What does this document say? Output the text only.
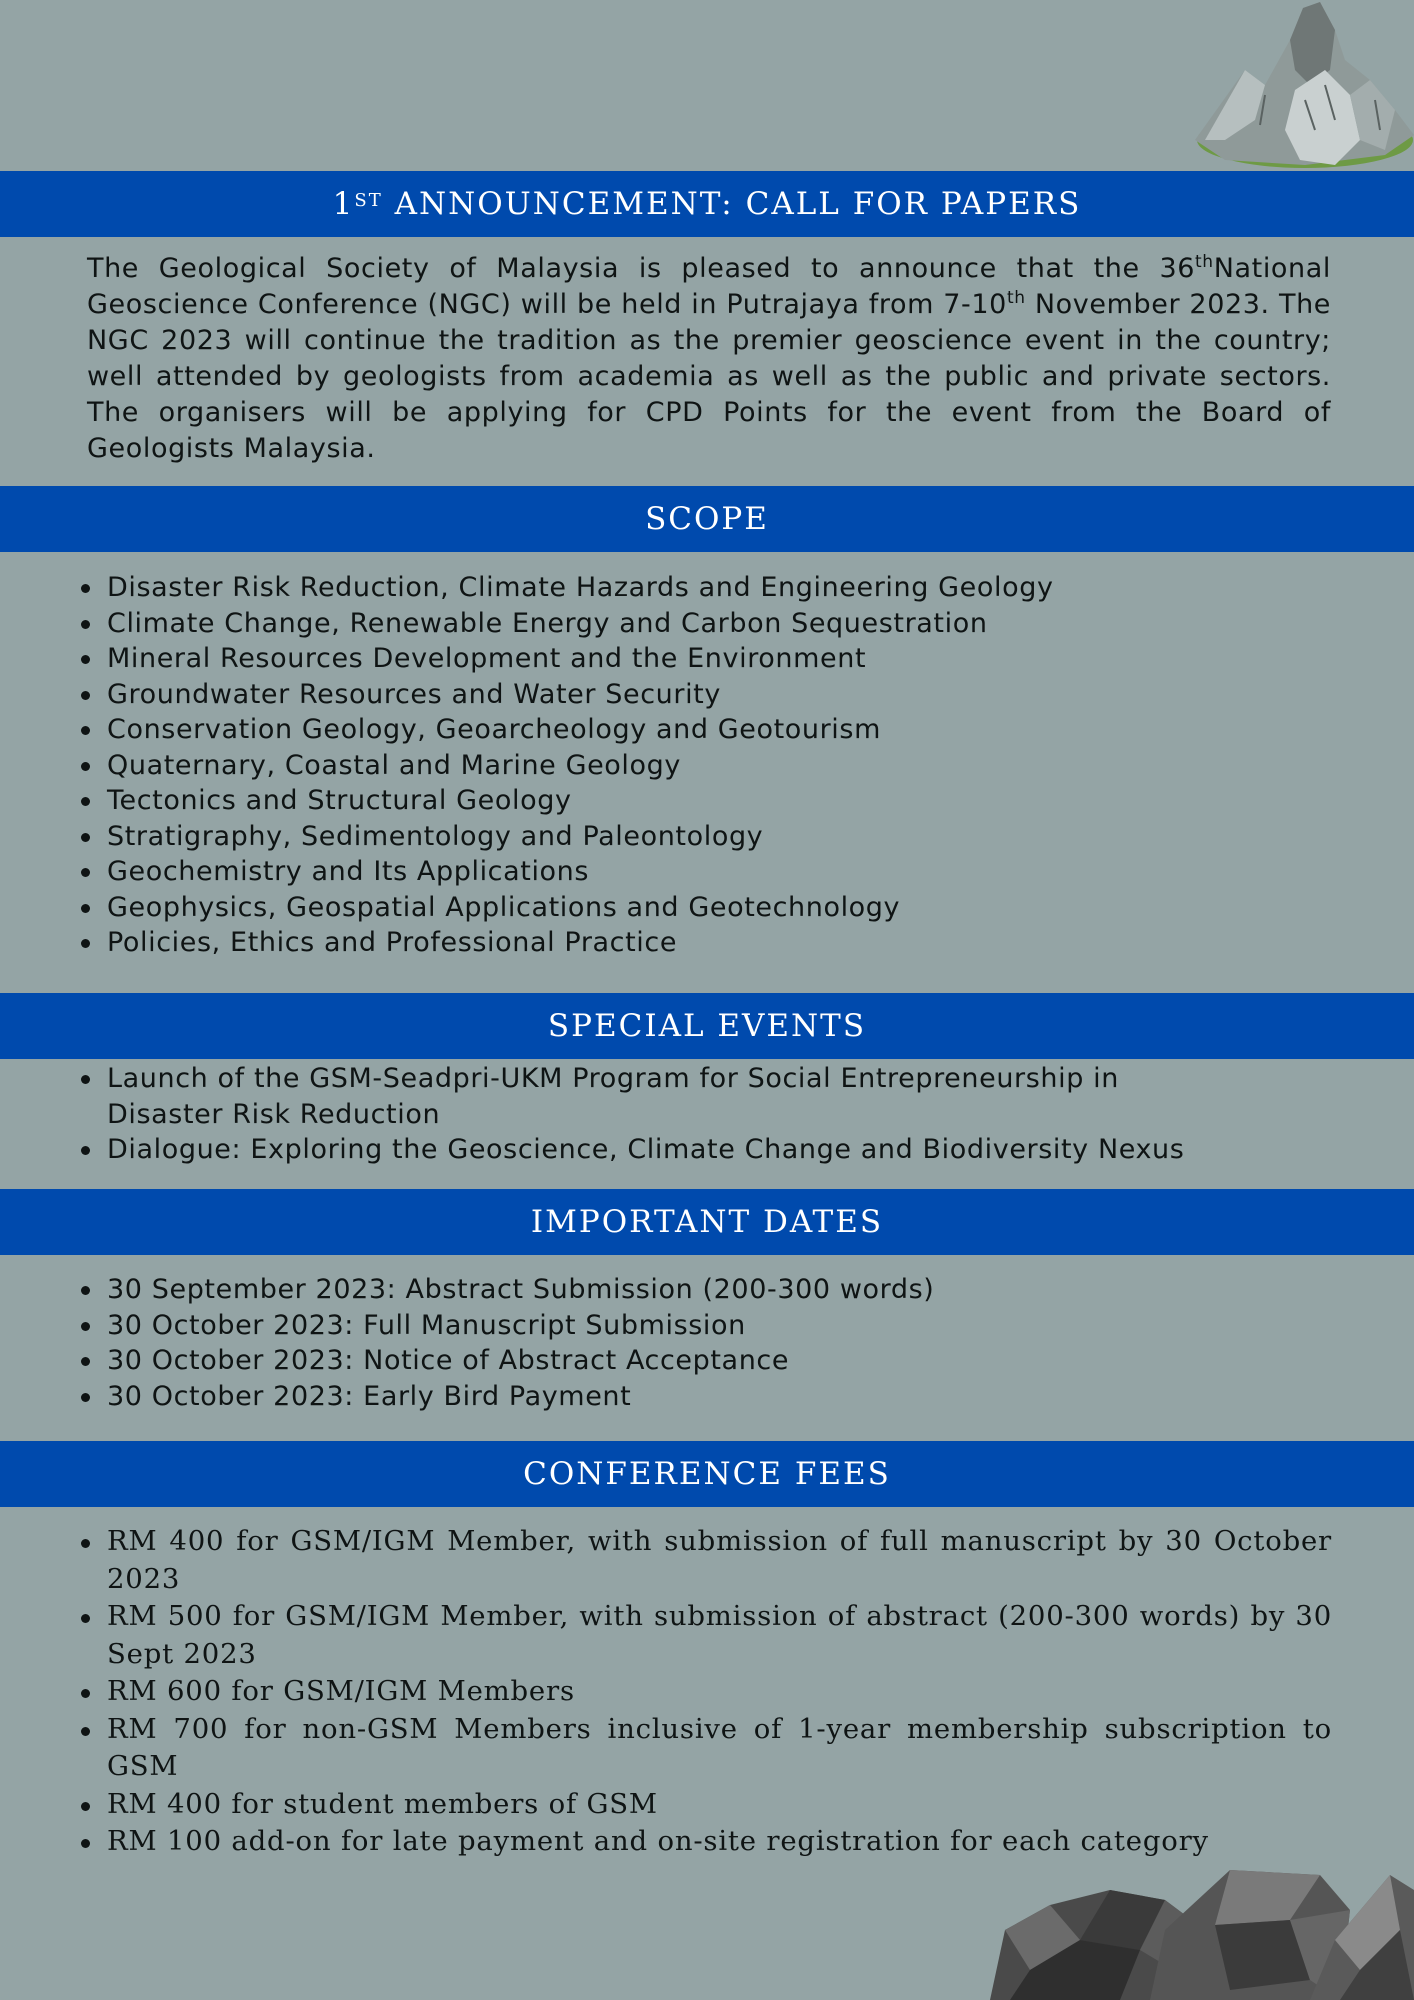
1ST ANNOUNCEMENT: CALL FOR PAPERS

The Geological Society of Malaysia is pleased to announce that the 36thNational Geoscience Conference (NGC) will be held in Putrajaya from 7-10th November 2023. The NGC 2023 will continue the tradition as the premier geoscience event in the country; well attended by geologists from academia as well as the public and private sectors. The organisers will be applying for CPD Points for the event from the Board of Geologists Malaysia.

SCOPE
Disaster Risk Reduction, Climate Hazards and Engineering Geology
Climate Change, Renewable Energy and Carbon Sequestration
Mineral Resources Development and the Environment
Groundwater Resources and Water Security
Conservation Geology, Geoarcheology and Geotourism
Quaternary, Coastal and Marine Geology
Tectonics and Structural Geology
Stratigraphy, Sedimentology and Paleontology
Geochemistry and Its Applications
Geophysics, Geospatial Applications and Geotechnology
Policies, Ethics and Professional Practice
SPECIAL EVENTS
Launch of the GSM-Seadpri-UKM Program for Social Entrepreneurship in Disaster Risk Reduction
Dialogue: Exploring the Geoscience, Climate Change and Biodiversity Nexus
IMPORTANT DATES
30 September 2023: Abstract Submission (200-300 words)
30 October 2023: Full Manuscript Submission
30 October 2023: Notice of Abstract Acceptance
30 October 2023: Early Bird Payment
CONFERENCE FEES
RM 400 for GSM/IGM Member, with submission of full manuscript by 30 October 2023
RM 500 for GSM/IGM Member, with submission of abstract (200-300 words) by 30 Sept 2023
RM 600 for GSM/IGM Members
RM 700 for non-GSM Members inclusive of 1-year membership subscription to GSM
RM 400 for student members of GSM
RM 100 add-on for late payment and on-site registration for each category
